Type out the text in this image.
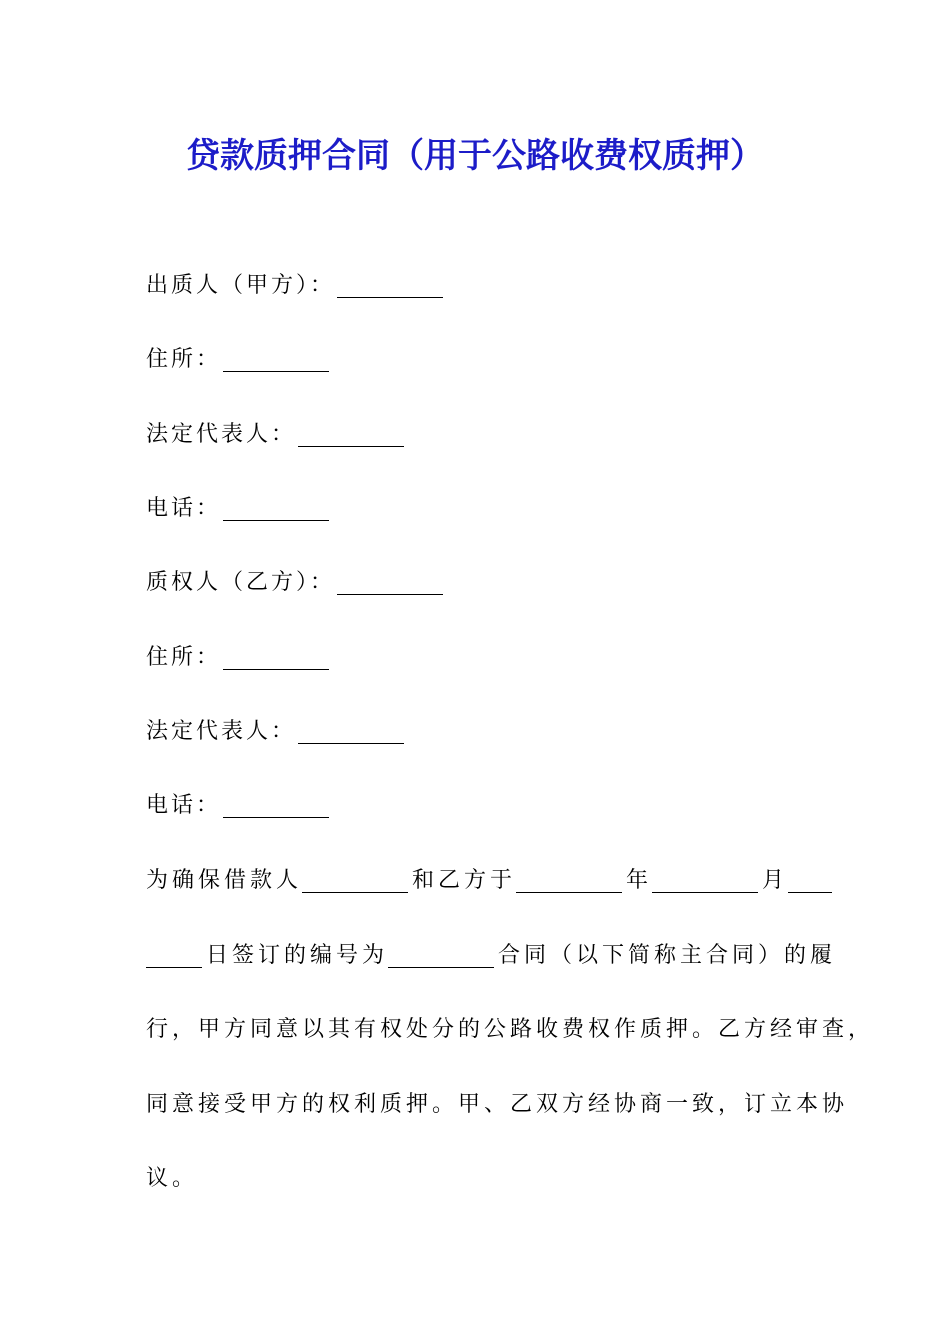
贷款质押合同（用于公路收费权质押）
出质人（甲方）：
住所：
法定代表人：
电话：
质权人（乙方）：
住所：
法定代表人：
电话：
为确保借款人	和乙方于	年	月
日签订的编号为	合同（以下简称主合同）的履
行，甲方同意以其有权处分的公路收费权作质押。乙方经审查，
同意接受甲方的权利质押。甲、乙双方经协商一致，订立本协
议。
